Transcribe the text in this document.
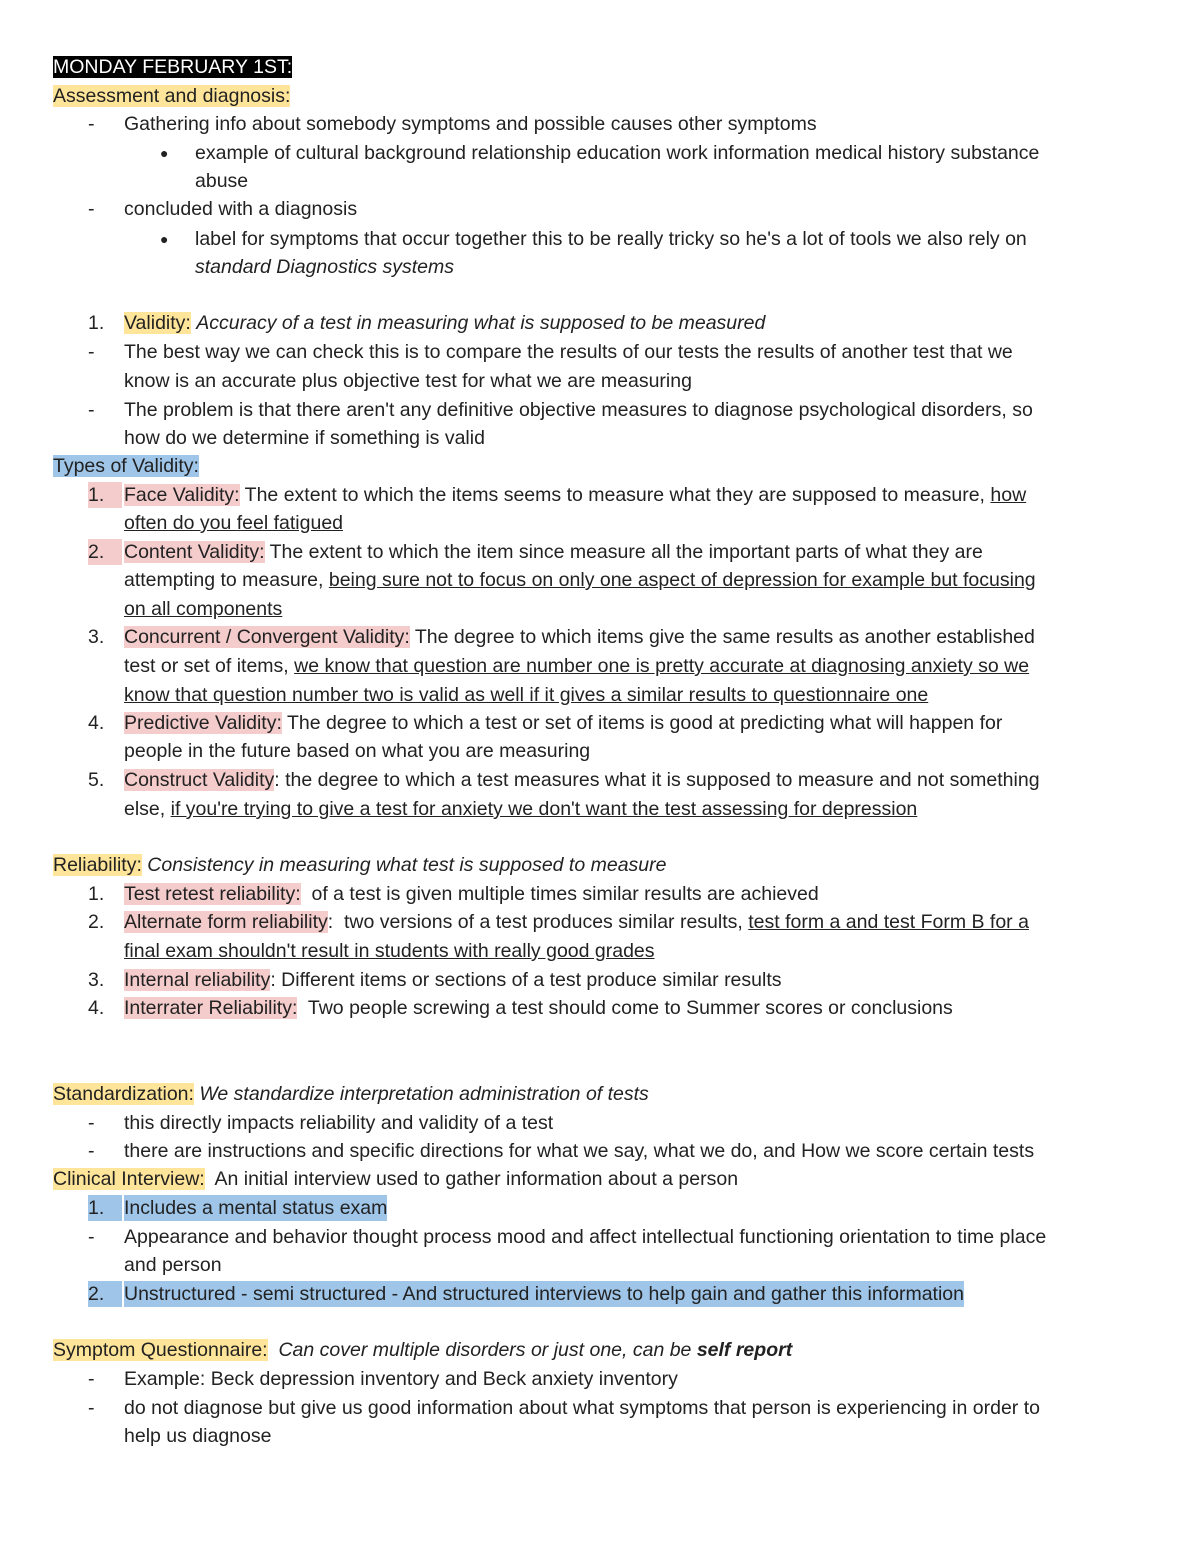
MONDAY FEBRUARY 1ST:
Assessment and diagnosis:
- Gathering info about somebody symptoms and possible causes other symptoms
● example of cultural background relationship education work information medical history substance
abuse
- concluded with a diagnosis
● label for symptoms that occur together this to be really tricky so he's a lot of tools we also rely on
standard Diagnostics systems
1. Validity: Accuracy of a test in measuring what is supposed to be measured
- The best way we can check this is to compare the results of our tests the results of another test that we
know is an accurate plus objective test for what we are measuring
- The problem is that there aren't any definitive objective measures to diagnose psychological disorders, so
how do we determine if something is valid
Types of Validity:
1.	Face Validity: The extent to which the items seems to measure what they are supposed to measure, how
often do you feel fatigued
2.	Content Validity: The extent to which the item since measure all the important parts of what they are
attempting to measure, being sure not to focus on only one aspect of depression for example but focusing
on all components
3. Concurrent / Convergent Validity: The degree to which items give the same results as another established
test or set of items, we know that question are number one is pretty accurate at diagnosing anxiety so we
know that question number two is valid as well if it gives a similar results to questionnaire one
4. Predictive Validity: The degree to which a test or set of items is good at predicting what will happen for
people in the future based on what you are measuring
5. Construct Validity: the degree to which a test measures what it is supposed to measure and not something
else, if you're trying to give a test for anxiety we don't want the test assessing for depression
Reliability: Consistency in measuring what test is supposed to measure
1. Test retest reliability:  of a test is given multiple times similar results are achieved
2. Alternate form reliability:  two versions of a test produces similar results, test form a and test Form B for a
final exam shouldn't result in students with really good grades
3. Internal reliability: Different items or sections of a test produce similar results
4. Interrater Reliability:  Two people screwing a test should come to Summer scores or conclusions
Standardization: We standardize interpretation administration of tests
- this directly impacts reliability and validity of a test
- there are instructions and specific directions for what we say, what we do, and How we score certain tests
Clinical Interview:  An initial interview used to gather information about a person
1.	Includes a mental status exam
- Appearance and behavior thought process mood and affect intellectual functioning orientation to time place
and person
2.	Unstructured - semi structured - And structured interviews to help gain and gather this information
Symptom Questionnaire:  Can cover multiple disorders or just one, can be self report
- Example: Beck depression inventory and Beck anxiety inventory
- do not diagnose but give us good information about what symptoms that person is experiencing in order to
help us diagnose
